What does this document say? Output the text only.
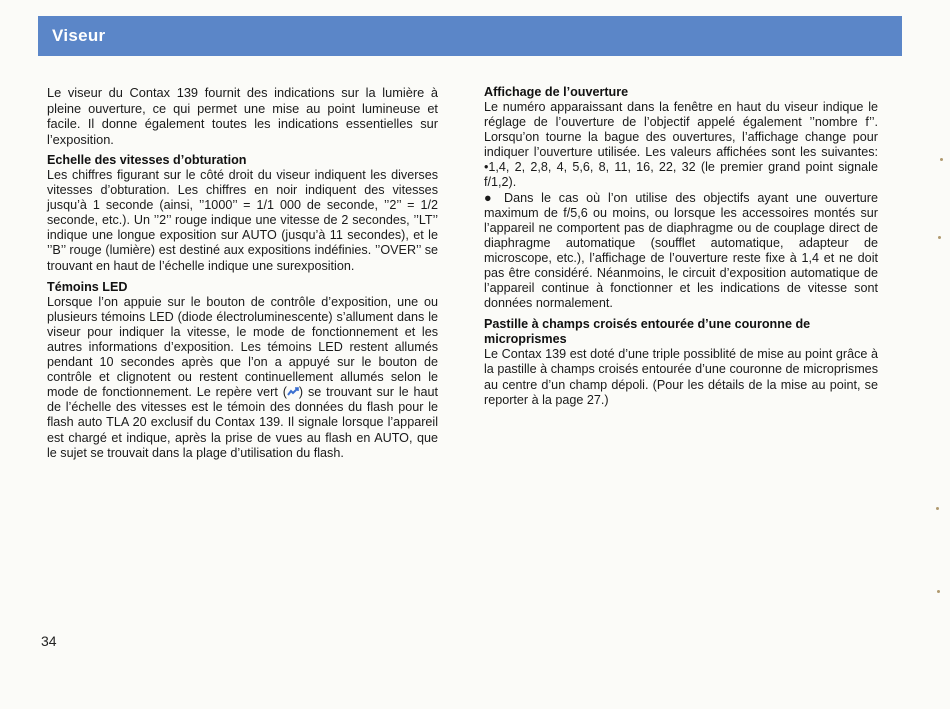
Viseur

Le viseur du Contax 139 fournit des indications sur la lumière à pleine ouverture, ce qui permet une mise au point lumineuse et facile. Il donne également toutes les indications essentielles sur l’exposition.

Echelle des vitesses d’obturation

Les chiffres figurant sur le côté droit du viseur indiquent les diverses vitesses d’obturation. Les chiffres en noir indiquent des vitesses jusqu’à 1 seconde (ainsi, ’’1000’’ = 1/1 000 de seconde, ’’2’’ = 1/2 seconde, etc.). Un ’’2’’ rouge indique une vitesse de 2 secondes, ’’LT’’ indique une longue exposition sur AUTO (jusqu’à 11 secondes), et le ’’B’’ rouge (lumière) est destiné aux expositions indéfinies. ’’OVER’’ se trouvant en haut de l’échelle indique une surexposition.

Témoins LED

Lorsque l’on appuie sur le bouton de contrôle d’exposition, une ou plusieurs témoins LED (diode électroluminescente) s’allument dans le viseur pour indiquer la vitesse, le mode de fonctionnement et les autres informations d’exposition. Les témoins LED restent allumés pendant 10 secondes après que l’on a appuyé sur le bouton de contrôle et clignotent ou restent continuellement allumés selon le mode de fonctionnement. Le repère vert ( ) se trouvant sur le haut de l’échelle des vitesses est le témoin des données du flash pour le flash auto TLA 20 exclusif du Contax 139. Il signale lorsque l’appareil est chargé et indique, après la prise de vues au flash en AUTO, que le sujet se trouvait dans la plage d’utilisation du flash.

Affichage de l’ouverture

Le numéro apparaissant dans la fenêtre en haut du viseur indique le réglage de l’ouverture de l’objectif appelé également ’’nombre f’’. Lorsqu’on tourne la bague des ouvertures, l’affichage change pour indiquer l’ouverture utilisée. Les valeurs affichées sont les suivantes: •1,4, 2, 2,8, 4, 5,6, 8, 11, 16, 22, 32 (le premier grand point signale f/1,2).

● Dans le cas où l’on utilise des objectifs ayant une ouverture maximum de f/5,6 ou moins, ou lorsque les accessoires montés sur l’appareil ne comportent pas de diaphragme ou de couplage direct de diaphragme automatique (soufflet automatique, adapteur de microscope, etc.), l’affichage de l’ouverture reste fixe à 1,4 et ne doit pas être considéré. Néanmoins, le circuit d’exposition automatique de l’appareil continue à fonctionner et les indications de vitesse sont données normalement.

Pastille à champs croisés entourée d’une couronne de microprismes

Le Contax 139 est doté d’une triple possiblité de mise au point grâce à la pastille à champs croisés entourée d’une couronne de microprismes au centre d’un champ dépoli. (Pour les détails de la mise au point, se reporter à la page 27.)

34
